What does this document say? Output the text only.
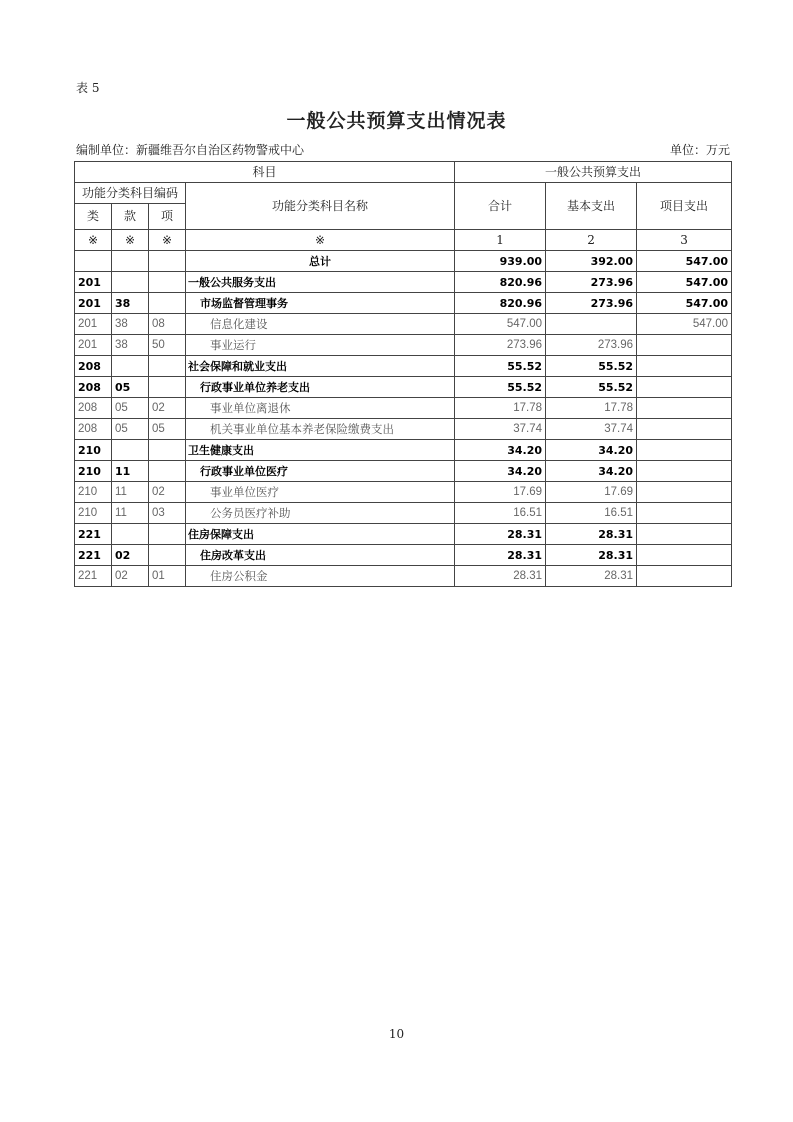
表 5
一般公共预算支出情况表
编制单位：新疆维吾尔自治区药物警戒中心	单位：万元
科目				一般公共预算支出		
功能分类科目编码			功能分类科目名称	合计	基本支出	项目支出
类	款	项				
※	※	※	※	1	2	3
			总计	939.00	392.00	547.00
201			一般公共服务支出	820.96	273.96	547.00
201	38		市场监督管理事务	820.96	273.96	547.00
201	38	08	信息化建设	547.00		547.00
201	38	50	事业运行	273.96	273.96	
208			社会保障和就业支出	55.52	55.52	
208	05		行政事业单位养老支出	55.52	55.52	
208	05	02	事业单位离退休	17.78	17.78	
208	05	05	机关事业单位基本养老保险缴费支出	37.74	37.74	
210			卫生健康支出	34.20	34.20	
210	11		行政事业单位医疗	34.20	34.20	
210	11	02	事业单位医疗	17.69	17.69	
210	11	03	公务员医疗补助	16.51	16.51	
221			住房保障支出	28.31	28.31	
221	02		住房改革支出	28.31	28.31	
221	02	01	住房公积金	28.31	28.31	
10
